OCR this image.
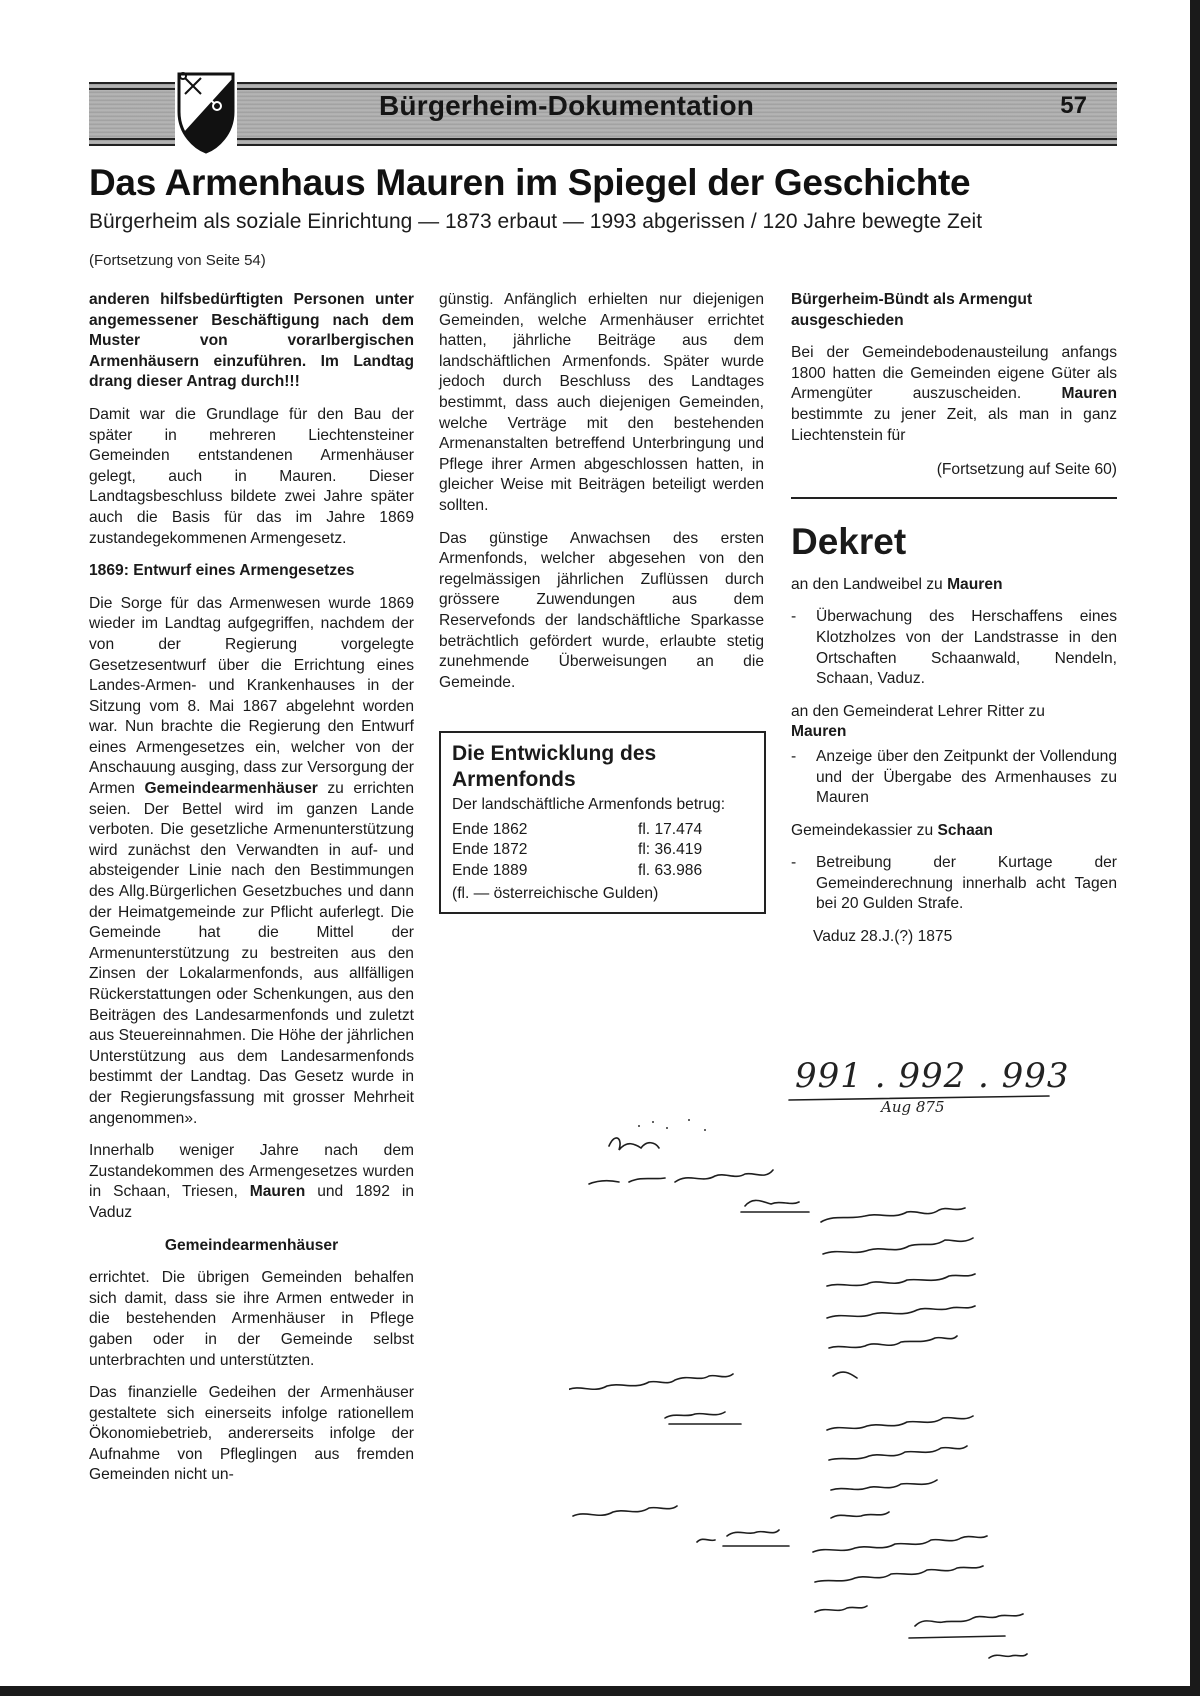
Bürgerheim-Dokumentation	57
Das Armenhaus Mauren im Spiegel der Geschichte
Bürgerheim als soziale Einrichtung — 1873 erbaut — 1993 abgerissen / 120 Jahre bewegte Zeit
(Fortsetzung von Seite 54)

anderen hilfsbedürftigten Personen unter angemessener Beschäftigung nach dem Muster von vorarlbergischen Armenhäusern einzuführen. Im Landtag drang dieser Antrag durch!!!

Damit war die Grundlage für den Bau der später in mehreren Liechtensteiner Gemeinden entstandenen Armenhäuser gelegt, auch in Mauren. Dieser Landtagsbeschluss bildete zwei Jahre später auch die Basis für das im Jahre 1869 zustandegekommenen Armengesetz.

1869: Entwurf eines Armengesetzes

Die Sorge für das Armenwesen wurde 1869 wieder im Landtag aufgegriffen, nachdem der von der Regierung vorgelegte Gesetzesentwurf über die Errichtung eines Landes-Armen- und Krankenhauses in der Sitzung vom 8. Mai 1867 abgelehnt worden war. Nun brachte die Regierung den Entwurf eines Armengesetzes ein, welcher von der Anschauung ausging, dass zur Versorgung der Armen Gemeindearmenhäuser zu errichten seien. Der Bettel wird im ganzen Lande verboten. Die gesetzliche Armenunterstützung wird zunächst den Verwandten in auf- und absteigender Linie nach den Bestimmungen des Allg.Bürgerlichen Gesetzbuches und dann der Heimatgemeinde zur Pflicht auferlegt. Die Gemeinde hat die Mittel der Armenunterstützung zu bestreiten aus den Zinsen der Lokalarmenfonds, aus allfälligen Rückerstattungen oder Schenkungen, aus den Beiträgen des Landesarmenfonds und zuletzt aus Steuereinnahmen. Die Höhe der jährlichen Unterstützung aus dem Landesarmenfonds bestimmt der Landtag. Das Gesetz wurde in der Regierungsfassung mit grosser Mehrheit angenommen».

Innerhalb weniger Jahre nach dem Zustandekommen des Armengesetzes wurden in Schaan, Triesen, Mauren und 1892 in Vaduz

Gemeindearmenhäuser

errichtet. Die übrigen Gemeinden behalfen sich damit, dass sie ihre Armen entweder in die bestehenden Armenhäuser in Pflege gaben oder in der Gemeinde selbst unterbrachten und unterstützten.

Das finanzielle Gedeihen der Armenhäuser gestaltete sich einerseits infolge rationellem Ökonomiebetrieb, andererseits infolge der Aufnahme von Pfleglingen aus fremden Gemeinden nicht un-

günstig. Anfänglich erhielten nur diejenigen Gemeinden, welche Armenhäuser errichtet hatten, jährliche Beiträge aus dem landschäftlichen Armenfonds. Später wurde jedoch durch Beschluss des Landtages bestimmt, dass auch diejenigen Gemeinden, welche Verträge mit den bestehenden Armenanstalten betreffend Unterbringung und Pflege ihrer Armen abgeschlossen hatten, in gleicher Weise mit Beiträgen beteiligt werden sollten.

Das günstige Anwachsen des ersten Armenfonds, welcher abgesehen von den regelmässigen jährlichen Zuflüssen durch grössere Zuwendungen aus dem Reservefonds der landschäftliche Sparkasse beträchtlich gefördert wurde, erlaubte stetig zunehmende Überweisungen an die Gemeinde.

Die Entwicklung des Armenfonds
Der landschäftliche Armenfonds betrug:
Ende 1862	fl. 17.474
Ende 1872	fl: 36.419
Ende 1889	fl. 63.986
(fl. — österreichische Gulden)

Bürgerheim-Bündt als Armengut ausgeschieden

Bei der Gemeindebodenausteilung anfangs 1800 hatten die Gemeinden eigene Güter als Armengüter auszuscheiden. Mauren bestimmte zu jener Zeit, als man in ganz Liechtenstein für

(Fortsetzung auf Seite 60)

Dekret

an den Landweibel zu Mauren

-	Überwachung des Herschaffens eines Klotzholzes von der Landstrasse in den Ortschaften Schaanwald, Nendeln, Schaan, Vaduz.

an den Gemeinderat Lehrer Ritter zu
Mauren

-	Anzeige über den Zeitpunkt der Vollendung und der Übergabe des Armenhauses zu Mauren

Gemeindekassier zu Schaan

-	Betreibung der Kurtage der Gemeinderechnung innerhalb acht Tagen bei 20 Gulden Strafe.

Vaduz 28.J.(?) 1875

991 . 992 . 993
Aug 875
